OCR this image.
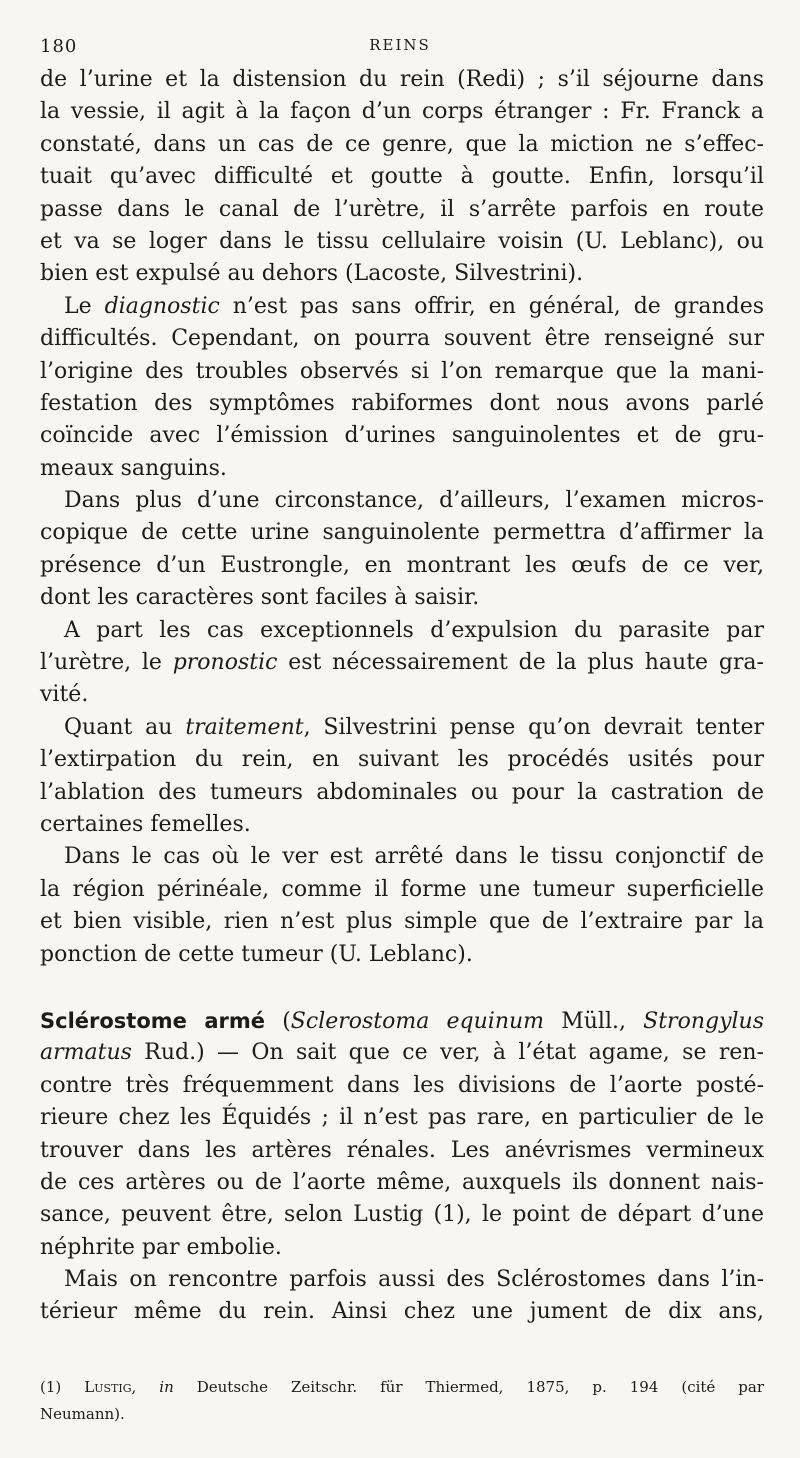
180	REINS
de l’urine et la distension du rein (Redi) ; s’il séjourne dans
la vessie, il agit à la façon d’un corps étranger : Fr. Franck a
constaté, dans un cas de ce genre, que la miction ne s’effec-
tuait qu’avec difficulté et goutte à goutte. Enfin, lorsqu’il
passe dans le canal de l’urètre, il s’arrête parfois en route
et va se loger dans le tissu cellulaire voisin (U. Leblanc), ou
bien est expulsé au dehors (Lacoste, Silvestrini).
Le diagnostic n’est pas sans offrir, en général, de grandes
difficultés. Cependant, on pourra souvent être renseigné sur
l’origine des troubles observés si l’on remarque que la mani-
festation des symptômes rabiformes dont nous avons parlé
coïncide avec l’émission d’urines sanguinolentes et de gru-
meaux sanguins.
Dans plus d’une circonstance, d’ailleurs, l’examen micros-
copique de cette urine sanguinolente permettra d’affirmer la
présence d’un Eustrongle, en montrant les œufs de ce ver,
dont les caractères sont faciles à saisir.
A part les cas exceptionnels d’expulsion du parasite par
l’urètre, le pronostic est nécessairement de la plus haute gra-
vité.
Quant au traitement, Silvestrini pense qu’on devrait tenter
l’extirpation du rein, en suivant les procédés usités pour
l’ablation des tumeurs abdominales ou pour la castration de
certaines femelles.
Dans le cas où le ver est arrêté dans le tissu conjonctif de
la région périnéale, comme il forme une tumeur superficielle
et bien visible, rien n’est plus simple que de l’extraire par la
ponction de cette tumeur (U. Leblanc).
Sclérostome armé (Sclerostoma equinum Müll., Strongylus
armatus Rud.) — On sait que ce ver, à l’état agame, se ren-
contre très fréquemment dans les divisions de l’aorte posté-
rieure chez les Équidés ; il n’est pas rare, en particulier de le
trouver dans les artères rénales. Les anévrismes vermineux
de ces artères ou de l’aorte même, auxquels ils donnent nais-
sance, peuvent être, selon Lustig (1), le point de départ d’une
néphrite par embolie.
Mais on rencontre parfois aussi des Sclérostomes dans l’in-
térieur même du rein. Ainsi chez une jument de dix ans,
(1) Lustig, in Deutsche Zeitschr. für Thiermed, 1875, p. 194 (cité par
Neumann).
